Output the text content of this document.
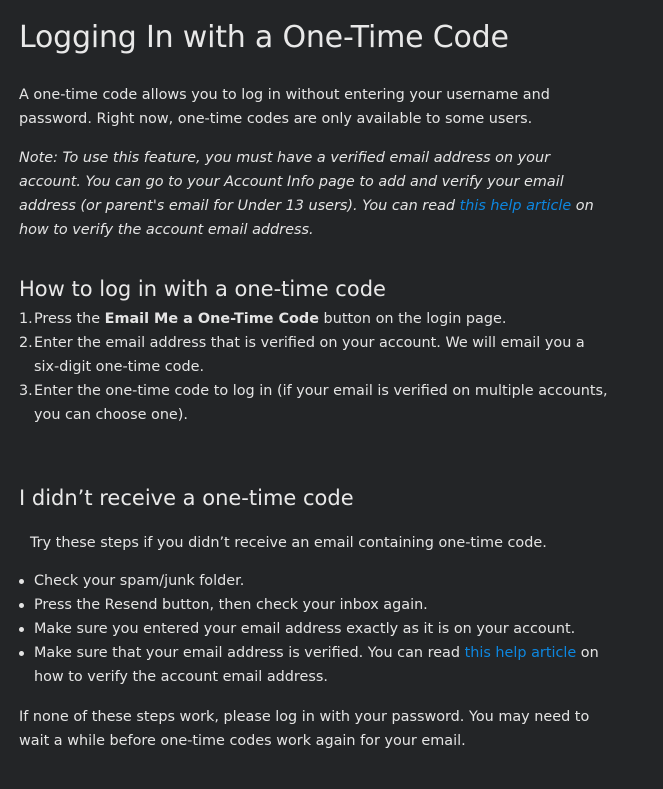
Logging In with a One-Time Code

A one-time code allows you to log in without entering your username and password. Right now, one-time codes are only available to some users.

Note: To use this feature, you must have a verified email address on your account. You can go to your Account Info page to add and verify your email address (or parent's email for Under 13 users). You can read this help article on how to verify the account email address.

How to log in with a one-time code
1. Press the Email Me a One-Time Code button on the login page.
2. Enter the email address that is verified on your account. We will email you a six-digit one-time code.
3. Enter the one-time code to log in (if your email is verified on multiple accounts, you can choose one).
I didn’t receive a one-time code

Try these steps if you didn’t receive an email containing one-time code.

Check your spam/junk folder.
Press the Resend button, then check your inbox again.
Make sure you entered your email address exactly as it is on your account.
Make sure that your email address is verified. You can read this help article on how to verify the account email address.

If none of these steps work, please log in with your password. You may need to wait a while before one-time codes work again for your email.
